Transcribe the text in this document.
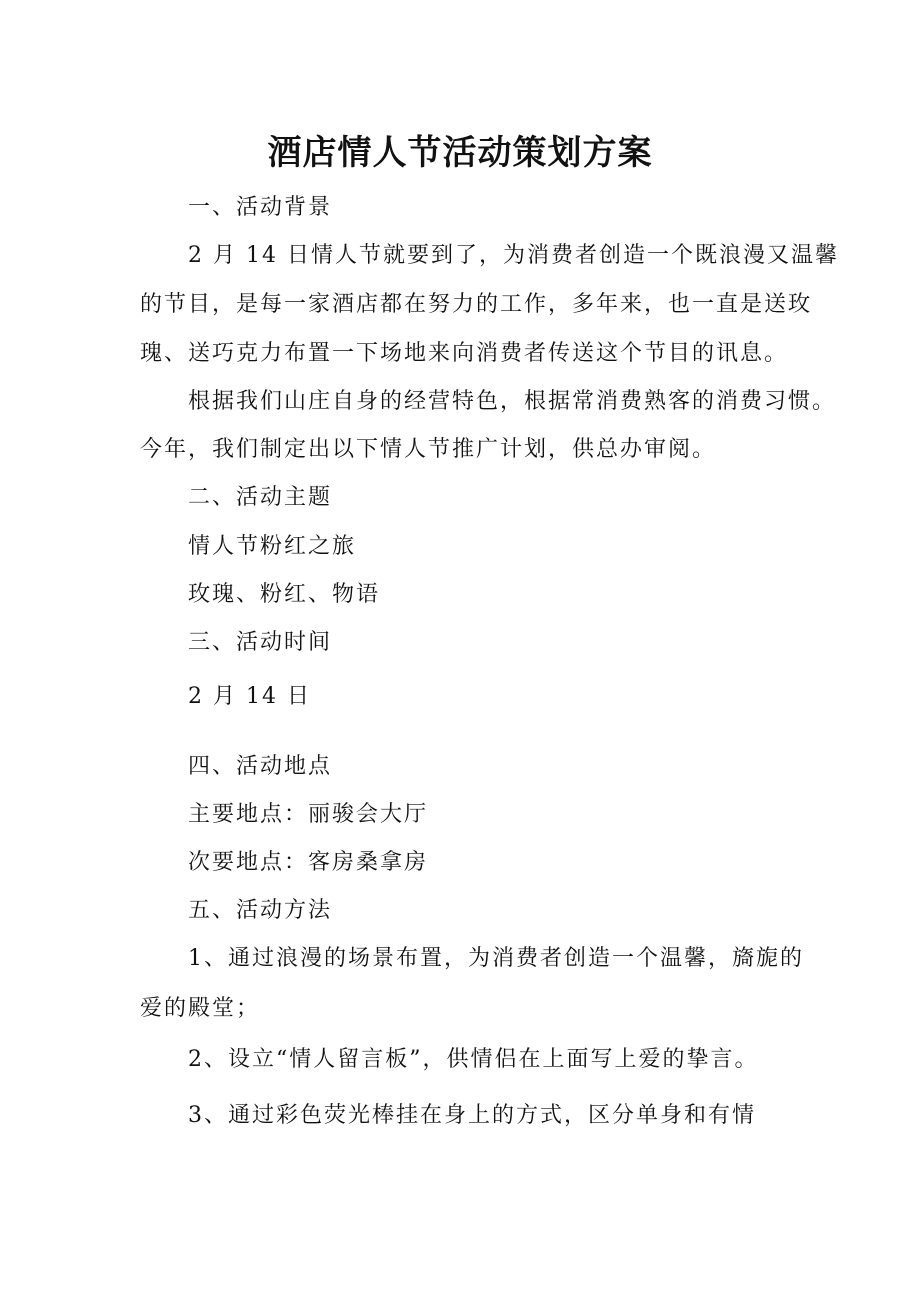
酒店情人节活动策划方案
一、活动背景
2 月 14 日情人节就要到了，为消费者创造一个既浪漫又温馨
的节目，是每一家酒店都在努力的工作，多年来，也一直是送玫
瑰、送巧克力布置一下场地来向消费者传送这个节目的讯息。
根据我们山庄自身的经营特色，根据常消费熟客的消费习惯。
今年，我们制定出以下情人节推广计划，供总办审阅。
二、活动主题
情人节粉红之旅
玫瑰、粉红、物语
三、活动时间
2 月 14 日
四、活动地点
主要地点：丽骏会大厅
次要地点：客房桑拿房
五、活动方法
1、通过浪漫的场景布置，为消费者创造一个温馨，旖旎的
爱的殿堂；
2、设立“情人留言板”，供情侣在上面写上爱的挚言。
3、通过彩色荧光棒挂在身上的方式，区分单身和有情
